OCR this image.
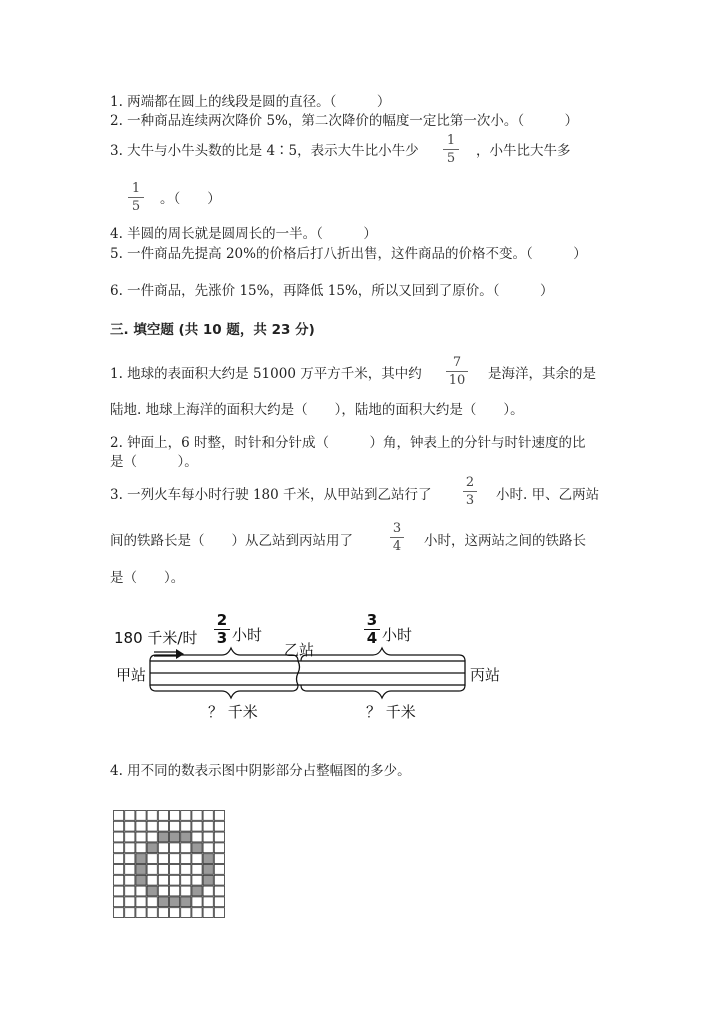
1. 两端都在圆上的线段是圆的直径。（　　　）
2. 一种商品连续两次降价 5%，第二次降价的幅度一定比第一次小。（　　　）
3. 大牛与小牛头数的比是 4∶5，表示大牛比小牛少
1
5 ，小牛比大牛多
1
5 。（　　）
4. 半圆的周长就是圆周长的一半。（　　　）
5. 一件商品先提高 20%的价格后打八折出售，这件商品的价格不变。（　　　）
6. 一件商品，先涨价 15%，再降低 15%，所以又回到了原价。（　　　）
三. 填空题 (共 10 题，共 23 分)
1. 地球的表面积大约是 51000 万平方千米，其中约
7
10 是海洋，其余的是
陆地. 地球上海洋的面积大约是（　　），陆地的面积大约是（　　）。
2. 钟面上，6 时整，时针和分针成（　　　）角，钟表上的分针与时针速度的比
是（　　　）。
3. 一列火车每小时行驶 180 千米，从甲站到乙站行了
2
3 小时. 甲、乙两站
间的铁路长是（　　）从乙站到丙站用了
3
4 小时，这两站之间的铁路长
是（　　）。
180 千米/时
2
3 小时
3
4 小时
乙站
甲站	丙站
？ 千米	？ 千米
4. 用不同的数表示图中阴影部分占整幅图的多少。
